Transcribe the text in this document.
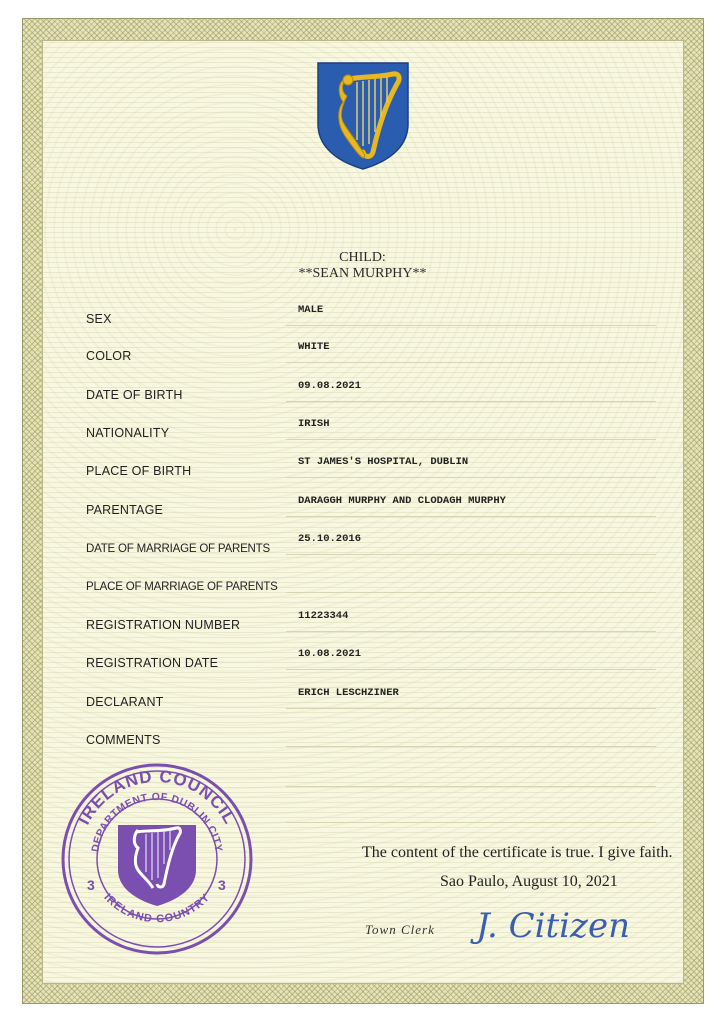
CHILD:
**SEAN MURPHY**
SEX
MALE
COLOR
WHITE
DATE OF BIRTH
09.08.2021
NATIONALITY
IRISH
PLACE OF BIRTH
ST JAMES'S HOSPITAL, DUBLIN
PARENTAGE
DARAGGH MURPHY AND CLODAGH MURPHY
DATE OF MARRIAGE OF PARENTS
25.10.2016
PLACE OF MARRIAGE OF PARENTS
REGISTRATION NUMBER
11223344
REGISTRATION DATE
10.08.2021
DECLARANT
ERICH LESCHZINER
COMMENTS
IRELAND COUNCIL
DEPARTMENT OF DUBLIN CITY
IRELAND COUNTRY
3	3
The content of the certificate is true. I give faith.
Sao Paulo, August 10, 2021
Town Clerk J. Citizen
